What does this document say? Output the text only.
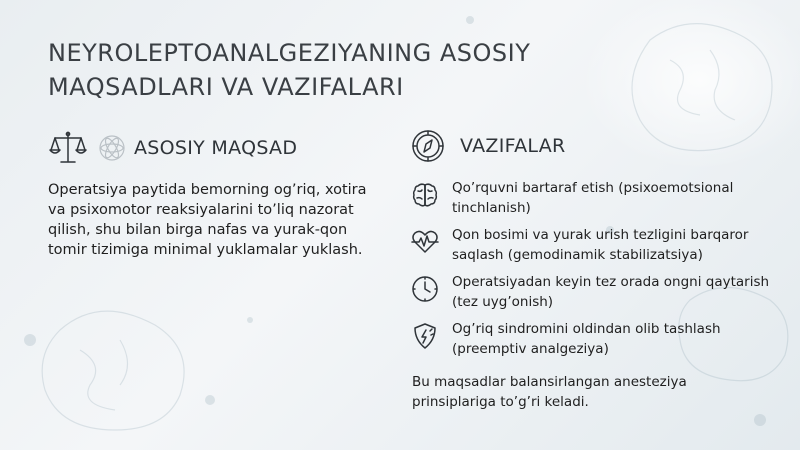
NEYROLEPTOANALGEZIYANING ASOSIY
MAQSADLARI VA VAZIFALARI
ASOSIY MAQSAD

Operatsiya paytida bemorning og’riq, xotira va psixomotor reaksiyalarini to’liq nazorat qilish, shu bilan birga nafas va yurak-qon tomir tizimiga minimal yuklamalar yuklash.

VAZIFALAR
Qo’rquvni bartaraf etish (psixoemotsional tinchlanish)
Qon bosimi va yurak urish tezligini barqaror saqlash (gemodinamik stabilizatsiya)
Operatsiyadan keyin tez orada ongni qaytarish (tez uyg’onish)
Og’riq sindromini oldindan olib tashlash (preemptiv analgeziya)

Bu maqsadlar balansirlangan anesteziya prinsiplariga to’g’ri keladi.
